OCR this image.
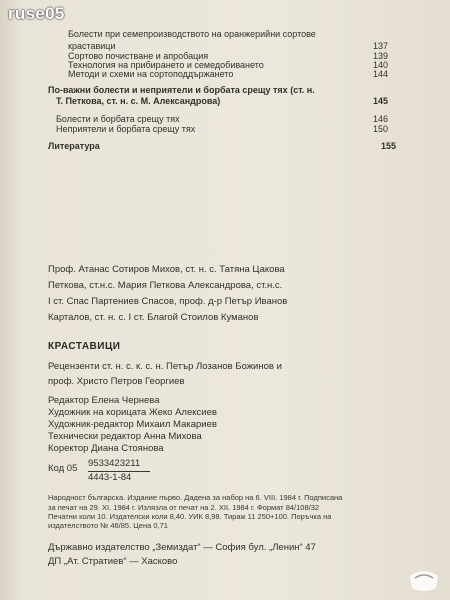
ruse05
Болести при семепроизводството на оранжерийни сортове
краставици	137
Сортово почистване и апробация	139
Технология на прибирането и семедобиването	140
Методи и схеми на сортоподдържането	144
По-важни болести и неприятели и борбата срещу тях (ст. н.
Т. Петкова, ст. н. с. М. Александрова)	145
Болести и борбата срещу тях	146
Неприятели и борбата срещу тях	150
Литература	155
Проф. Атанас Сотиров Михов, ст. н. с. Татяна Цакова
Петкова, ст.н.с. Мария Петкова Александрова, ст.н.с.
I ст. Спас Партениев Спасов, проф. д-р Петър Иванов
Карталов, ст. н. с. I ст. Благой Стоилов Куманов
КРАСТАВИЦИ
Рецензенти ст. н. с. к. с. н. Петър Лозанов Божинов и
проф. Христо Петров Георгиев
Редактор Елена Чернева
Художник на корицата Жеко Алексиев
Художник-редактор Михаил Макариев
Технически редактор Анна Михова
Коректор Диана Стоянова
Код 05 9533423211
4443-1-84
Народност българска. Издание първо. Дадена за набор на 6. VIII. 1984 г. Подписана
за печат на 29. XI. 1984 г. Излязла от печат на 2. XII. 1984 г. Формат 84/108/32
Печатни коли 10. Издателски коли 8,40. УИК 8,98. Тираж 11 250+100. Поръчка на
издателството № 46/85. Цена 0,71
Държавно издателство „Земиздат“ — София бул. „Ленин“ 47
ДП „Ат. Стратиев“ — Хасково
